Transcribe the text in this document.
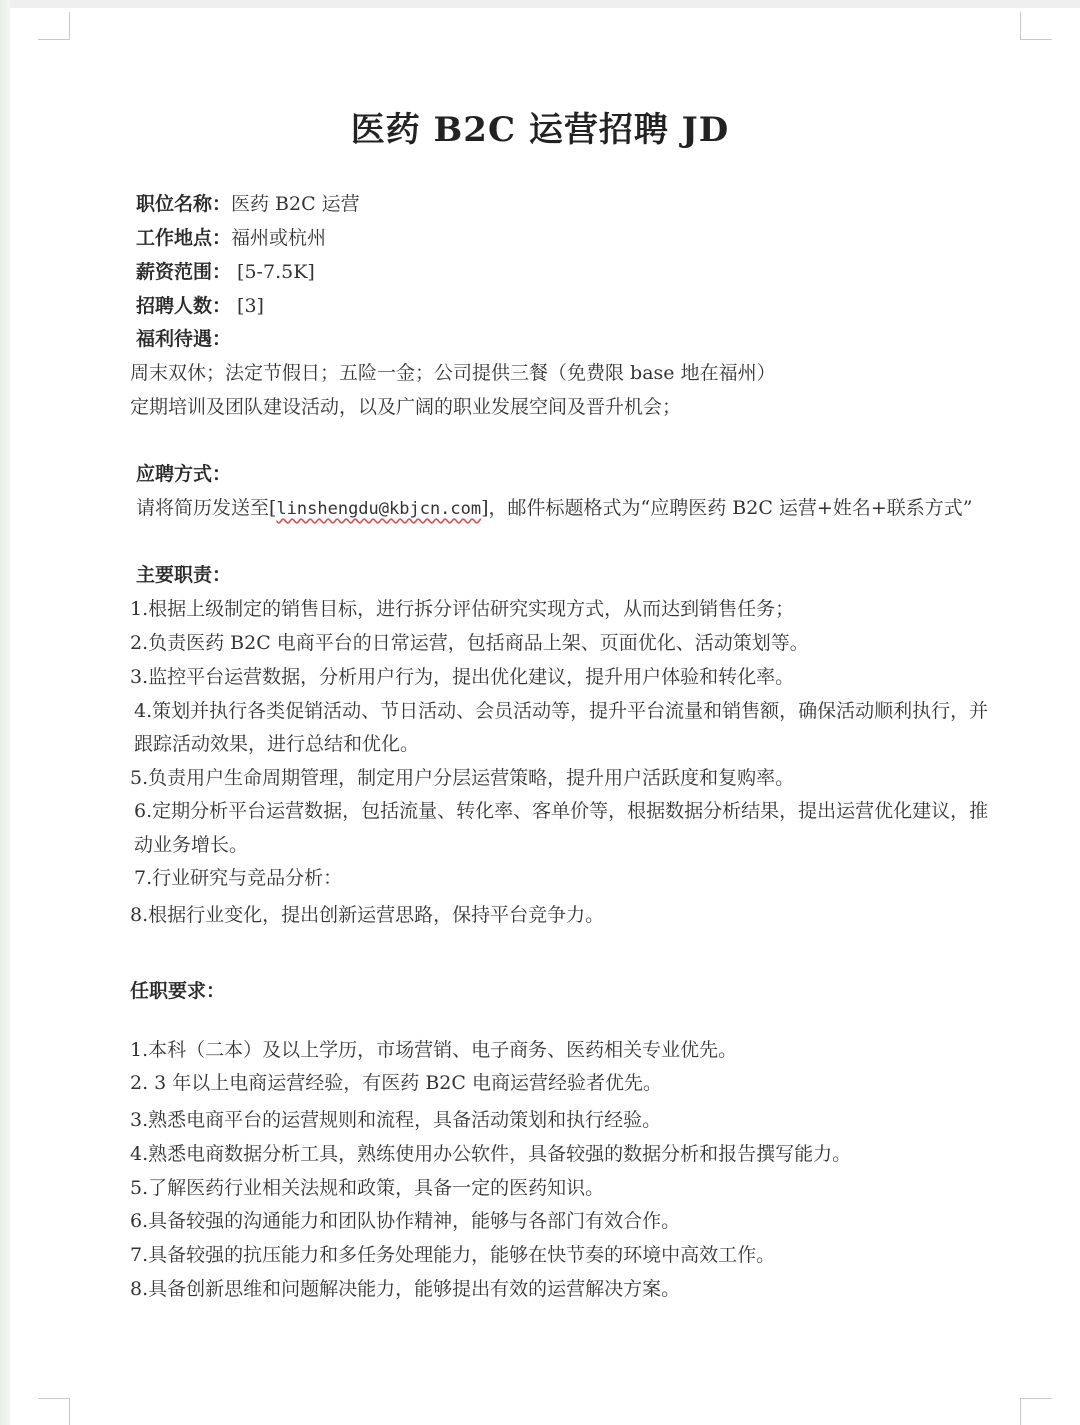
医药 B2C 运营招聘 JD
职位名称：医药 B2C 运营
工作地点：福州或杭州
薪资范围： [5-7.5K]
招聘人数： [3]
福利待遇：
周末双休；法定节假日；五险一金；公司提供三餐（免费限 base 地在福州）
定期培训及团队建设活动，以及广阔的职业发展空间及晋升机会；
应聘方式：
请将简历发送至[linshengdu@kbjcn.com]，邮件标题格式为“应聘医药 B2C 运营+姓名+联系方式”
主要职责：
1.根据上级制定的销售目标，进行拆分评估研究实现方式，从而达到销售任务；
2.负责医药 B2C 电商平台的日常运营，包括商品上架、页面优化、活动策划等。
3.监控平台运营数据，分析用户行为，提出优化建议，提升用户体验和转化率。
4.策划并执行各类促销活动、节日活动、会员活动等，提升平台流量和销售额，确保活动顺利执行，并
跟踪活动效果，进行总结和优化。
5.负责用户生命周期管理，制定用户分层运营策略，提升用户活跃度和复购率。
6.定期分析平台运营数据，包括流量、转化率、客单价等，根据数据分析结果，提出运营优化建议，推
动业务增长。
7.行业研究与竞品分析：
8.根据行业变化，提出创新运营思路，保持平台竞争力。
任职要求：
1.本科（二本）及以上学历，市场营销、电子商务、医药相关专业优先。
2. 3 年以上电商运营经验，有医药 B2C 电商运营经验者优先。
3.熟悉电商平台的运营规则和流程，具备活动策划和执行经验。
4.熟悉电商数据分析工具，熟练使用办公软件，具备较强的数据分析和报告撰写能力。
5.了解医药行业相关法规和政策，具备一定的医药知识。
6.具备较强的沟通能力和团队协作精神，能够与各部门有效合作。
7.具备较强的抗压能力和多任务处理能力，能够在快节奏的环境中高效工作。
8.具备创新思维和问题解决能力，能够提出有效的运营解决方案。
